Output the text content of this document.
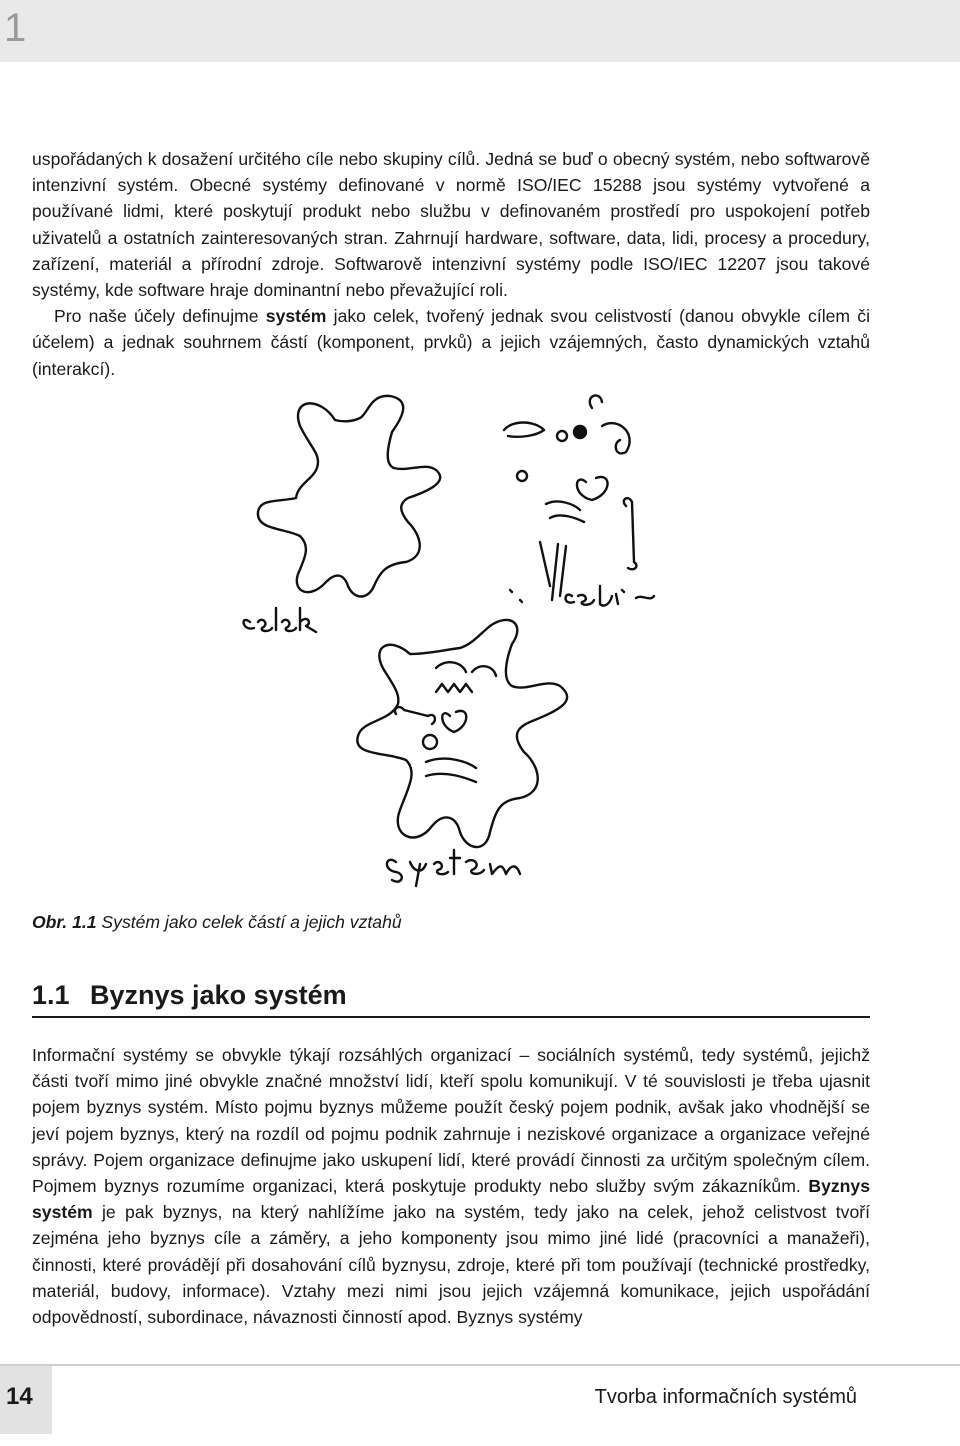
1

uspořádaných k dosažení určitého cíle nebo skupiny cílů. Jedná se buď o obecný systém, nebo softwarově intenzivní systém. Obecné systémy definované v normě ISO/IEC 15288 jsou systémy vytvořené a používané lidmi, které poskytují produkt nebo službu v definovaném prostředí pro uspokojení potřeb uživatelů a ostatních zainteresovaných stran. Zahrnují hardware, software, data, lidi, procesy a procedury, zařízení, materiál a přírodní zdroje. Softwarově intenzivní systémy podle ISO/IEC 12207 jsou takové systémy, kde software hraje dominantní nebo převažující roli.

Pro naše účely definujme systém jako celek, tvořený jednak svou celistvostí (danou obvykle cílem či účelem) a jednak souhrnem částí (komponent, prvků) a jejich vzájemných, často dynamických vztahů (interakcí).

celek
části
systém
Obr. 1.1 Systém jako celek částí a jejich vztahů
1.1 Byznys jako systém

Informační systémy se obvykle týkají rozsáhlých organizací – sociálních systémů, tedy systémů, jejichž části tvoří mimo jiné obvykle značné množství lidí, kteří spolu komunikují. V té souvislosti je třeba ujasnit pojem byznys systém. Místo pojmu byznys můžeme použít český pojem podnik, avšak jako vhodnější se jeví pojem byznys, který na rozdíl od pojmu podnik zahrnuje i neziskové organizace a organizace veřejné správy. Pojem organizace definujme jako uskupení lidí, které provádí činnosti za určitým společným cílem. Pojmem byznys rozumíme organizaci, která poskytuje produkty nebo služby svým zákazníkům. Byznys systém je pak byznys, na který nahlížíme jako na systém, tedy jako na celek, jehož celistvost tvoří zejména jeho byznys cíle a záměry, a jeho komponenty jsou mimo jiné lidé (pracovníci a manažeři), činnosti, které provádějí při dosahování cílů byznysu, zdroje, které při tom používají (technické prostředky, materiál, budovy, informace). Vztahy mezi nimi jsou jejich vzájemná komunikace, jejich uspořádání odpovědností, subordinace, návaznosti činností apod. Byznys systémy

14	Tvorba informačních systémů
